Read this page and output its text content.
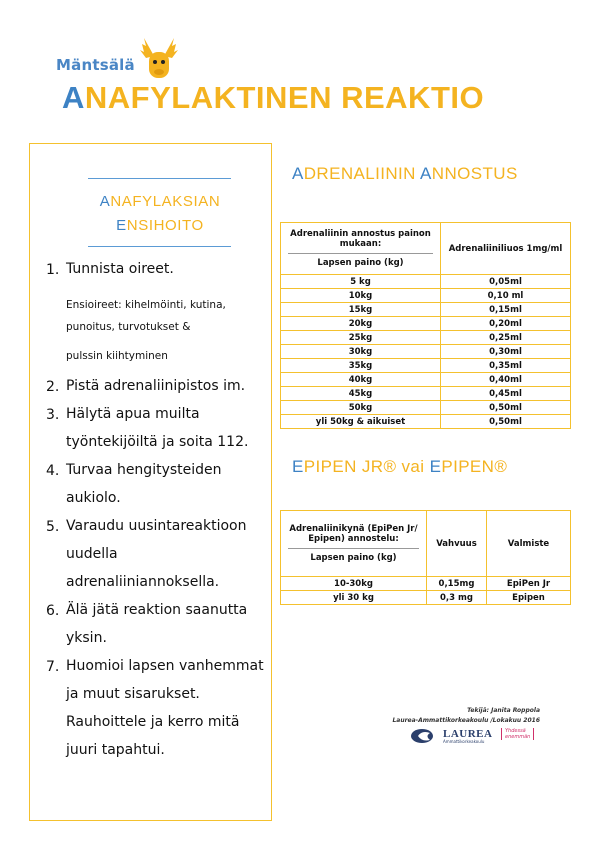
Mäntsälä
ANAFYLAKTINEN REAKTIO
ANAFYLAKSIAN
ENSIHOITO
1. Tunnista oireet.
Ensioireet: kihelmöinti, kutina,
punoitus, turvotukset &
pulssin kiihtyminen
2. Pistä adrenaliinipistos im.
3. Hälytä apua muilta työntekijöiltä ja soita 112.
4. Turvaa hengitysteiden aukiolo.
5. Varaudu uusintareaktioon uudella adrenaliiniannoksella.
6. Älä jätä reaktion saanutta yksin.
7. Huomioi lapsen vanhemmat ja muut sisarukset. Rauhoittele ja kerro mitä juuri tapahtui.
ADRENALIININ ANNOSTUS
Adrenaliinin annostus painon mukaan:
Lapsen paino (kg)	Adrenaliiniliuos 1mg/ml
5 kg	0,05ml
10kg	0,10 ml
15kg	0,15ml
20kg	0,20ml
25kg	0,25ml
30kg	0,30ml
35kg	0,35ml
40kg	0,40ml
45kg	0,45ml
50kg	0,50ml
yli 50kg & aikuiset	0,50ml
EPIPEN JR® vai EPIPEN®
Adrenaliinikynä (EpiPen Jr/ Epipen) annostelu:
Lapsen paino (kg)	Vahvuus	Valmiste
10-30kg	0,15mg	EpiPen Jr
yli 30 kg	0,3 mg	Epipen
Tekijä: Janita Roppola
Laurea-Ammattikorkeakoulu /Lokakuu 2016
LAUREA
Ammattikorkeakoulu
Yhdessä
enemmän
